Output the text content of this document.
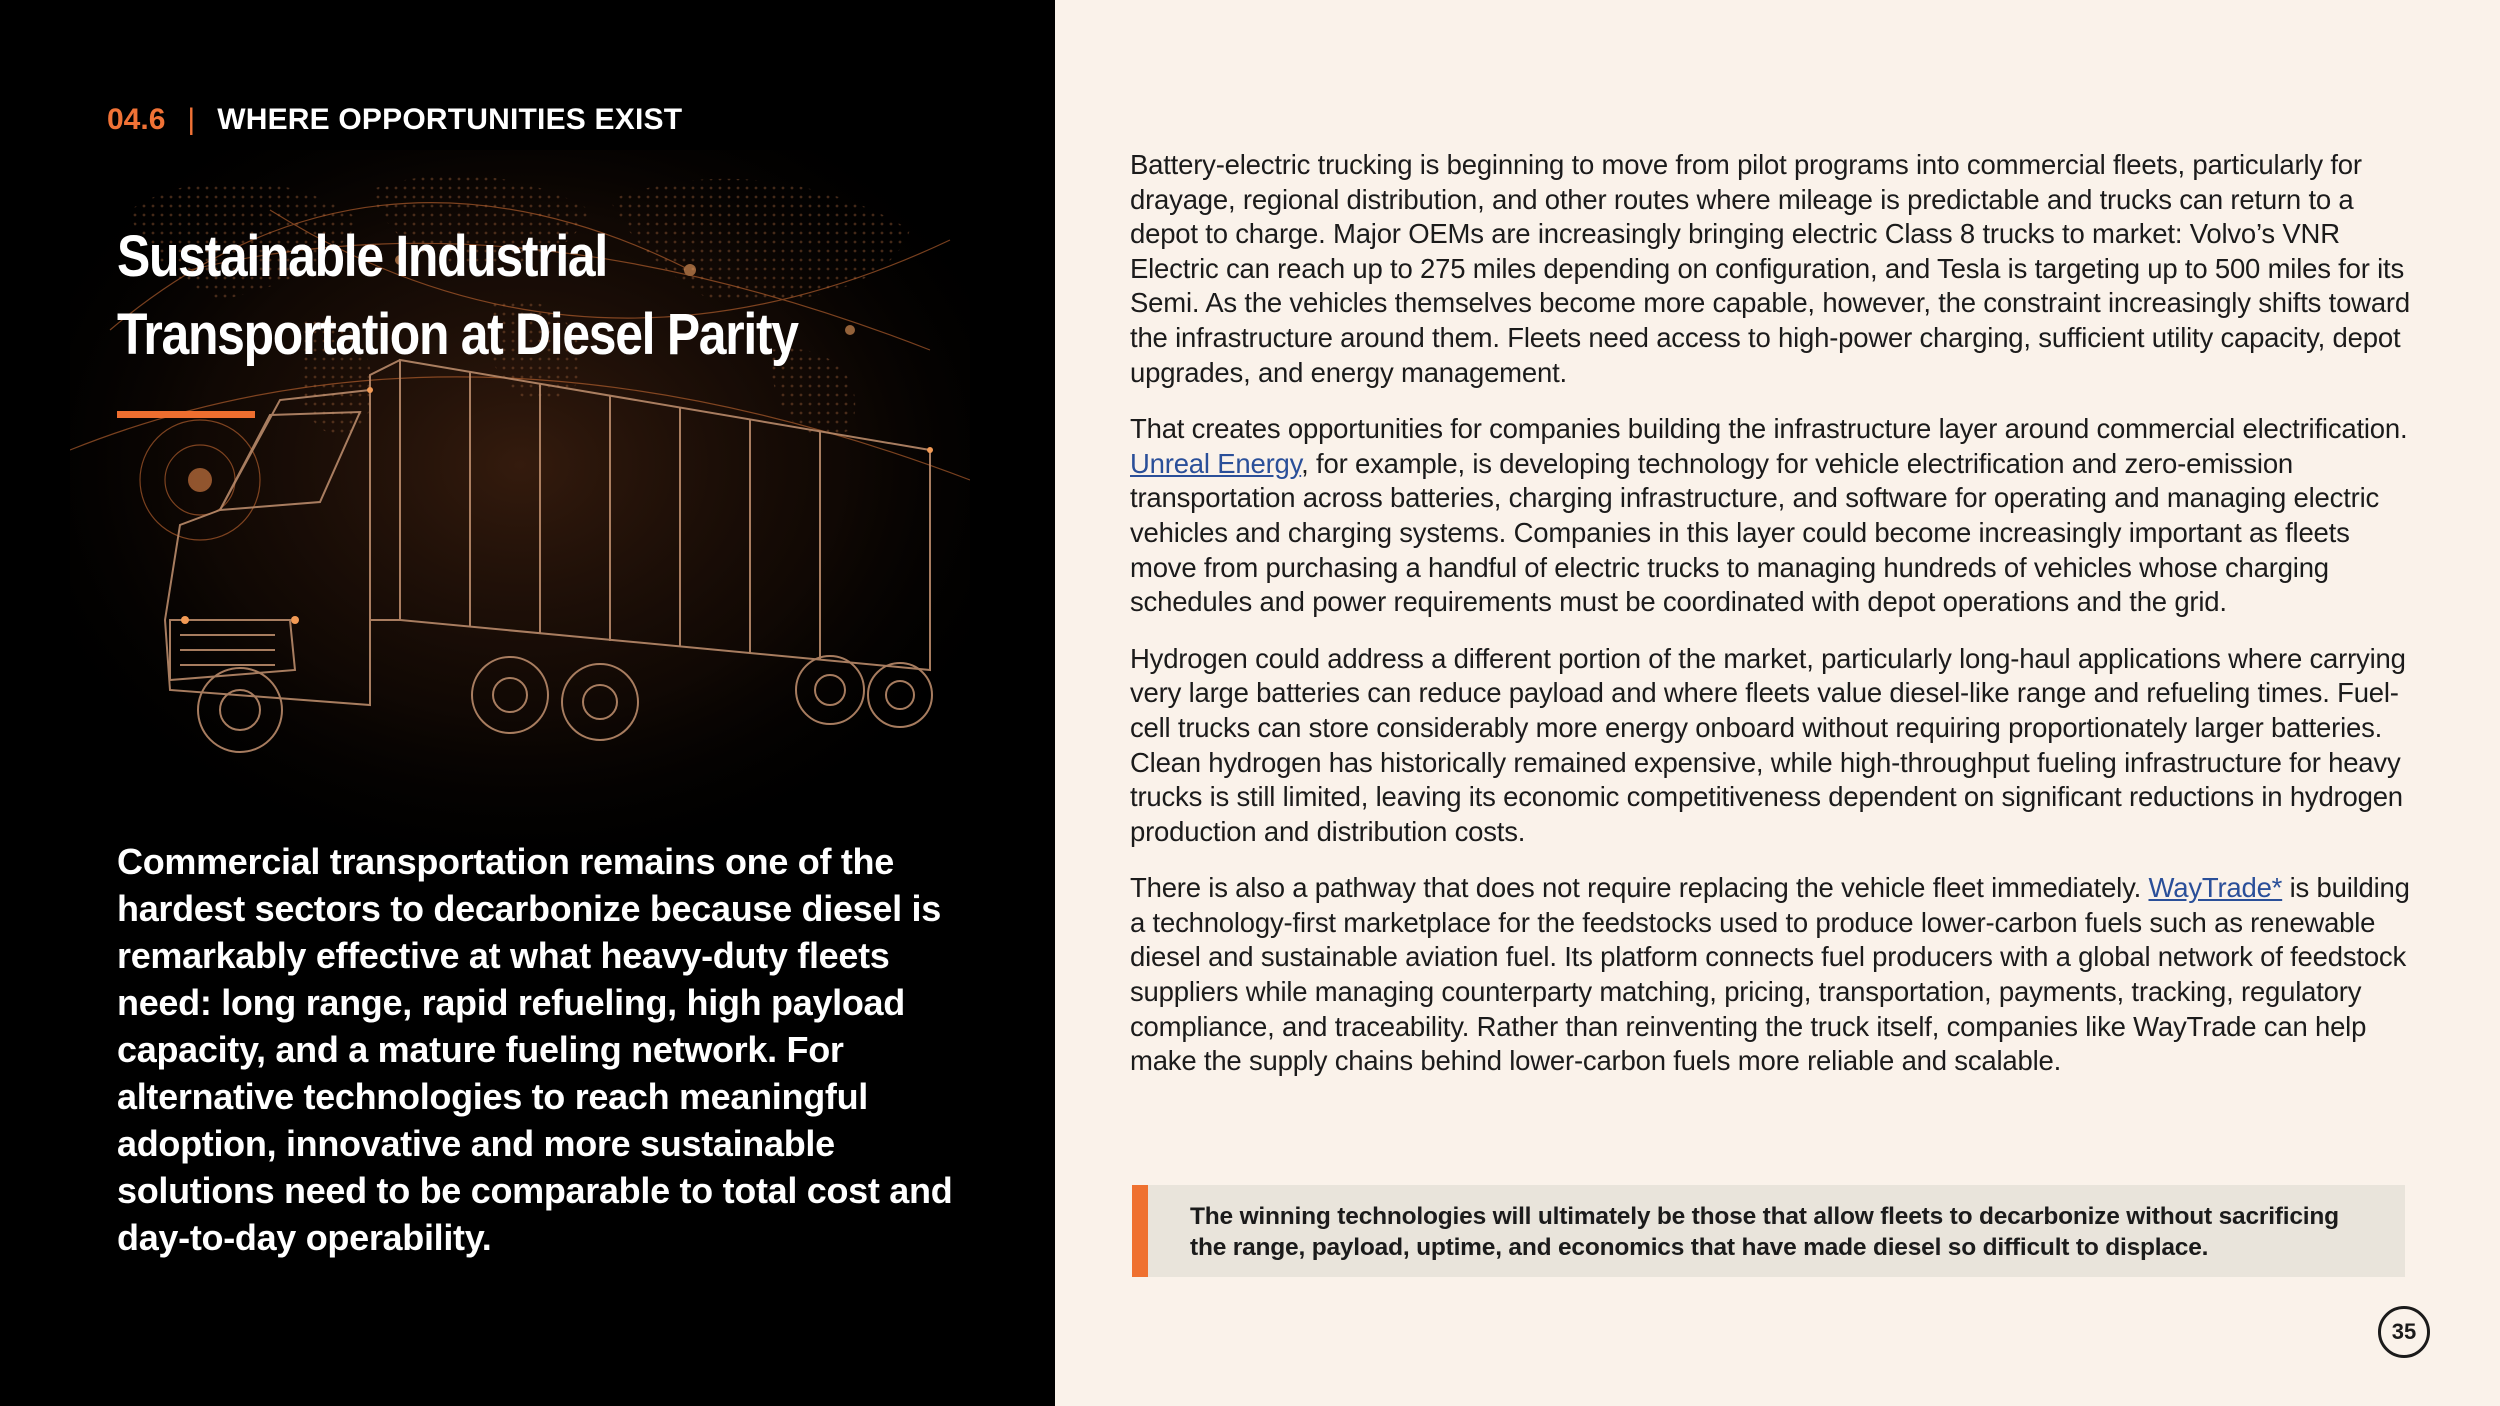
04.6 | WHERE OPPORTUNITIES EXIST
Sustainable Industrial
Transportation at Diesel Parity

Commercial transportation remains one of the hardest sectors to decarbonize because diesel is remarkably effective at what heavy-duty fleets need: long range, rapid refueling, high payload capacity, and a mature fueling network. For alternative technologies to reach meaningful adoption, innovative and more sustainable solutions need to be comparable to total cost and day-to-day operability.

Battery-electric trucking is beginning to move from pilot programs into commercial fleets, particularly for drayage, regional distribution, and other routes where mileage is predictable and trucks can return to a depot to charge. Major OEMs are increasingly bringing electric Class 8 trucks to market: Volvo’s VNR Electric can reach up to 275 miles depending on configuration, and Tesla is targeting up to 500 miles for its Semi. As the vehicles themselves become more capable, however, the constraint increasingly shifts toward the infrastructure around them. Fleets need access to high-power charging, sufficient utility capacity, depot upgrades, and energy management.

That creates opportunities for companies building the infrastructure layer around commercial electrification. Unreal Energy, for example, is developing technology for vehicle electrification and zero-emission transportation across batteries, charging infrastructure, and software for operating and managing electric vehicles and charging systems. Companies in this layer could become increasingly important as fleets move from purchasing a handful of electric trucks to managing hundreds of vehicles whose charging schedules and power requirements must be coordinated with depot operations and the grid.

Hydrogen could address a different portion of the market, particularly long-haul applications where carrying very large batteries can reduce payload and where fleets value diesel-like range and refueling times. Fuel-cell trucks can store considerably more energy onboard without requiring proportionately larger batteries. Clean hydrogen has historically remained expensive, while high-throughput fueling infrastructure for heavy trucks is still limited, leaving its economic competitiveness dependent on significant reductions in hydrogen production and distribution costs.

There is also a pathway that does not require replacing the vehicle fleet immediately. WayTrade* is building a technology-first marketplace for the feedstocks used to produce lower-carbon fuels such as renewable diesel and sustainable aviation fuel. Its platform connects fuel producers with a global network of feedstock suppliers while managing counterparty matching, pricing, transportation, payments, tracking, regulatory compliance, and traceability. Rather than reinventing the truck itself, companies like WayTrade can help make the supply chains behind lower-carbon fuels more reliable and scalable.

The winning technologies will ultimately be those that allow fleets to decarbonize without sacrificing the range, payload, uptime, and economics that have made diesel so difficult to displace.
35
